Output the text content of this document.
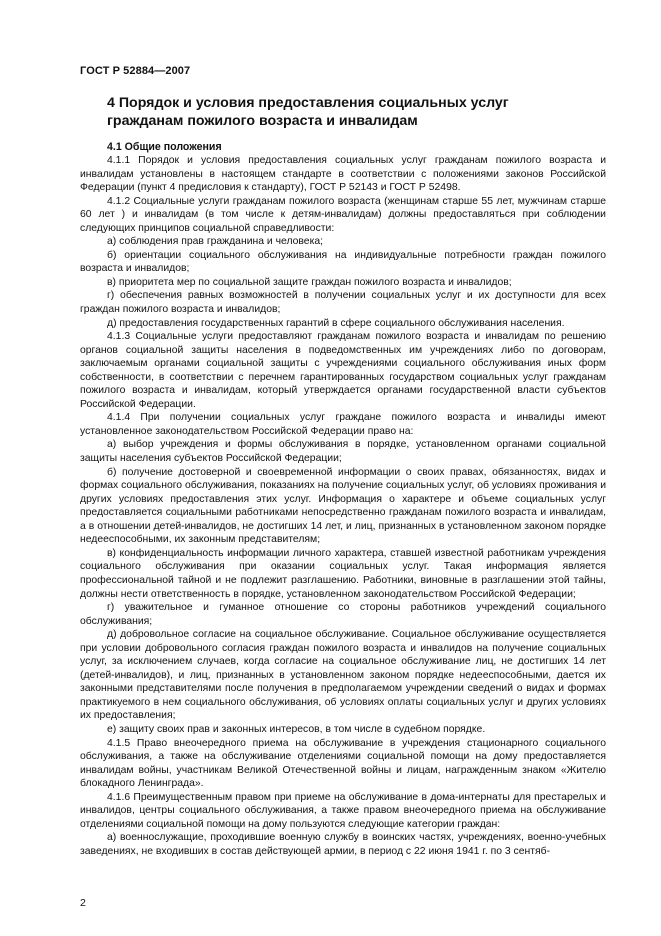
ГОСТ Р 52884—2007
4 Порядок и условия предоставления социальных услуг
гражданам пожилого возраста и инвалидам
4.1 Общие положения

4.1.1 Порядок и условия предоставления социальных услуг гражданам пожилого возраста и инвалидам установлены в настоящем стандарте в соответствии с положениями законов Российской Федерации (пункт 4 предисловия к стандарту), ГОСТ Р 52143 и ГОСТ Р 52498.

4.1.2 Социальные услуги гражданам пожилого возраста (женщинам старше 55 лет, мужчинам старше 60 лет ) и инвалидам (в том числе к детям-инвалидам) должны предоставляться при соблюдении следующих принципов социальной справедливости:

а) соблюдения прав гражданина и человека;

б) ориентации социального обслуживания на индивидуальные потребности граждан пожилого возраста и инвалидов;

в) приоритета мер по социальной защите граждан пожилого возраста и инвалидов;

г) обеспечения равных возможностей в получении социальных услуг и их доступности для всех граждан пожилого возраста и инвалидов;

д) предоставления государственных гарантий в сфере социального обслуживания населения.

4.1.3 Социальные услуги предоставляют гражданам пожилого возраста и инвалидам по решению органов социальной защиты населения в подведомственных им учреждениях либо по договорам, заключаемым органами социальной защиты с учреждениями социального обслуживания иных форм собственности, в соответствии с перечнем гарантированных государством социальных услуг гражданам пожилого возраста и инвалидам, который утверждается органами государственной власти субъектов Российской Федерации.

4.1.4 При получении социальных услуг граждане пожилого возраста и инвалиды имеют установленное законодательством Российской Федерации право на:

а) выбор учреждения и формы обслуживания в порядке, установленном органами социальной защиты населения субъектов Российской Федерации;

б) получение достоверной и своевременной информации о своих правах, обязанностях, видах и формах социального обслуживания, показаниях на получение социальных услуг, об условиях проживания и других условиях предоставления этих услуг. Информация о характере и объеме социальных услуг предоставляется социальными работниками непосредственно гражданам пожилого возраста и инвалидам, а в отношении детей-инвалидов, не достигших 14 лет, и лиц, признанных в установленном законом порядке недееспособными, их законным представителям;

в) конфиденциальность информации личного характера, ставшей известной работникам учреждения социального обслуживания при оказании социальных услуг. Такая информация является профессиональной тайной и не подлежит разглашению. Работники, виновные в разглашении этой тайны, должны нести ответственность в порядке, установленном законодательством Российской Федерации;

г) уважительное и гуманное отношение со стороны работников учреждений социального обслуживания;

д) добровольное согласие на социальное обслуживание. Социальное обслуживание осуществляется при условии добровольного согласия граждан пожилого возраста и инвалидов на получение социальных услуг, за исключением случаев, когда согласие на социальное обслуживание лиц, не достигших 14 лет (детей-инвалидов), и лиц, признанных в установленном законом порядке недееспособными, дается их законными представителями после получения в предполагаемом учреждении сведений о видах и формах практикуемого в нем социального обслуживания, об условиях оплаты социальных услуг и других условиях их предоставления;

е) защиту своих прав и законных интересов, в том числе в судебном порядке.

4.1.5 Право внеочередного приема на обслуживание в учреждения стационарного социального обслуживания, а также на обслуживание отделениями социальной помощи на дому предоставляется инвалидам войны, участникам Великой Отечественной войны и лицам, награжденным знаком «Жителю блокадного Ленинграда».

4.1.6 Преимущественным правом при приеме на обслуживание в дома-интернаты для престарелых и инвалидов, центры социального обслуживания, а также правом внеочередного приема на обслуживание отделениями социальной помощи на дому пользуются следующие категории граждан:

а) военнослужащие, проходившие военную службу в воинских частях, учреждениях, военно-учебных заведениях, не входивших в состав действующей армии, в период с 22 июня 1941 г. по 3 сентяб-

2
